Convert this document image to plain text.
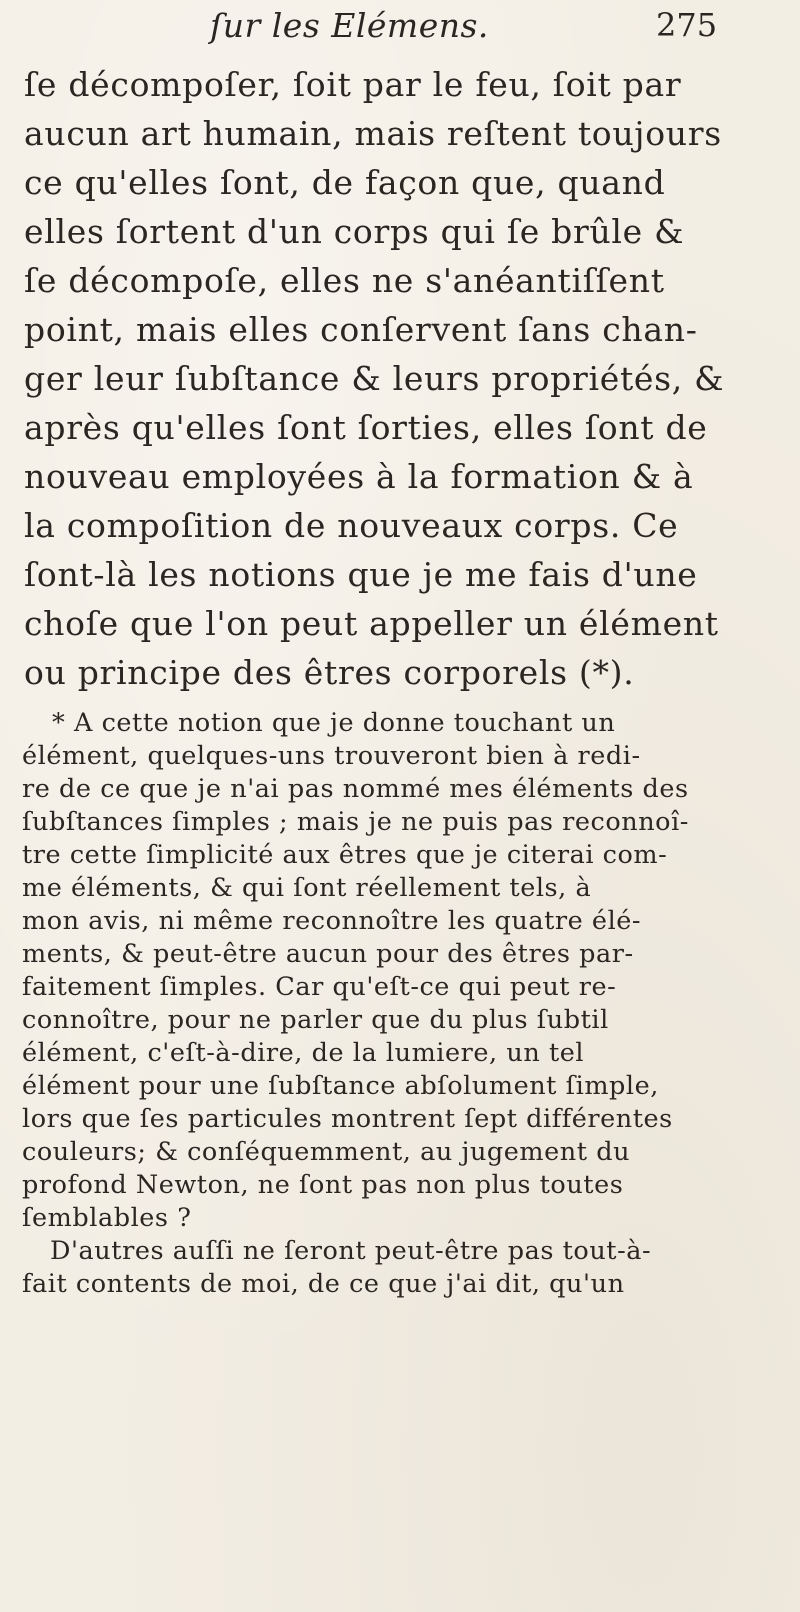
ſur les Elémens.	275
ſe décompoſer, ſoit par le feu, ſoit par
aucun art humain, mais reſtent toujours
ce qu'elles ſont, de façon que, quand
elles ſortent d'un corps qui ſe brûle &
ſe décompoſe, elles ne s'anéantiſſent
point, mais elles conſervent ſans chan-
ger leur ſubſtance & leurs propriétés, &
après qu'elles ſont ſorties, elles ſont de
nouveau employées à la formation & à
la compoſition de nouveaux corps. Ce
ſont-là les notions que je me fais d'une
choſe que l'on peut appeller un élément
ou principe des êtres corporels (*).
* A cette notion que je donne touchant un
élément, quelques-uns trouveront bien à redi-
re de ce que je n'ai pas nommé mes éléments des
ſubſtances ſimples ; mais je ne puis pas reconnoî-
tre cette ſimplicité aux êtres que je citerai com-
me éléments, & qui ſont réellement tels, à
mon avis, ni même reconnoître les quatre élé-
ments, & peut-être aucun pour des êtres par-
faitement ſimples. Car qu'eſt-ce qui peut re-
connoître, pour ne parler que du plus ſubtil
élément, c'eſt-à-dire, de la lumiere, un tel
élément pour une ſubſtance abſolument ſimple,
lors que ſes particules montrent ſept différentes
couleurs; & conſéquemment, au jugement du
profond Newton, ne ſont pas non plus toutes
ſemblables ?
D'autres auſſi ne ſeront peut-être pas tout-à-
fait contents de moi, de ce que j'ai dit, qu'un
